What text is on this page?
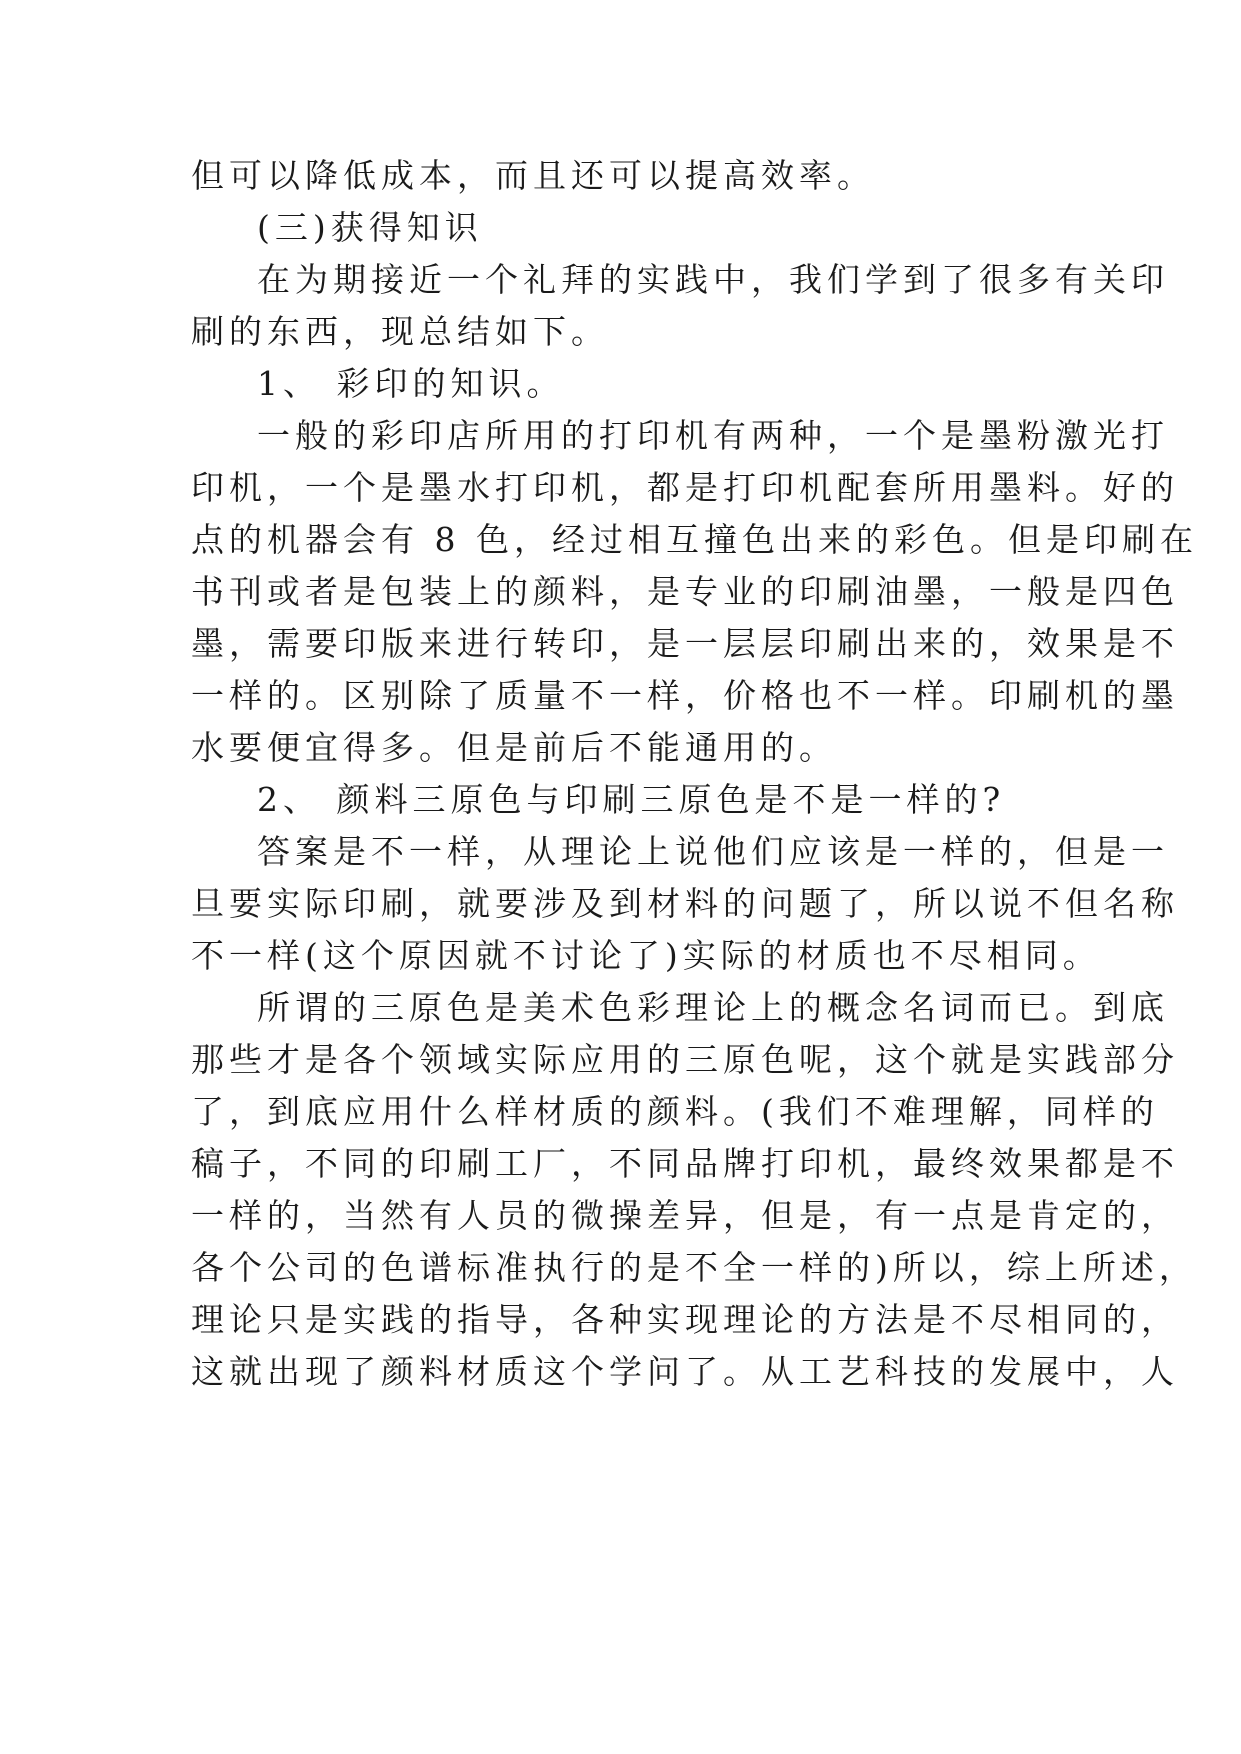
但可以降低成本，而且还可以提高效率。
(三)获得知识
在为期接近一个礼拜的实践中，我们学到了很多有关印
刷的东西，现总结如下。
1、 彩印的知识。
一般的彩印店所用的打印机有两种，一个是墨粉激光打
印机，一个是墨水打印机，都是打印机配套所用墨料。好的
点的机器会有 8 色，经过相互撞色出来的彩色。但是印刷在
书刊或者是包装上的颜料，是专业的印刷油墨，一般是四色
墨，需要印版来进行转印，是一层层印刷出来的，效果是不
一样的。区别除了质量不一样，价格也不一样。印刷机的墨
水要便宜得多。但是前后不能通用的。
2、 颜料三原色与印刷三原色是不是一样的?
答案是不一样，从理论上说他们应该是一样的，但是一
旦要实际印刷，就要涉及到材料的问题了，所以说不但名称
不一样(这个原因就不讨论了)实际的材质也不尽相同。
所谓的三原色是美术色彩理论上的概念名词而已。到底
那些才是各个领域实际应用的三原色呢，这个就是实践部分
了，到底应用什么样材质的颜料。(我们不难理解，同样的
稿子，不同的印刷工厂，不同品牌打印机，最终效果都是不
一样的，当然有人员的微操差异，但是，有一点是肯定的，
各个公司的色谱标准执行的是不全一样的)所以，综上所述，
理论只是实践的指导，各种实现理论的方法是不尽相同的，
这就出现了颜料材质这个学问了。从工艺科技的发展中，人
